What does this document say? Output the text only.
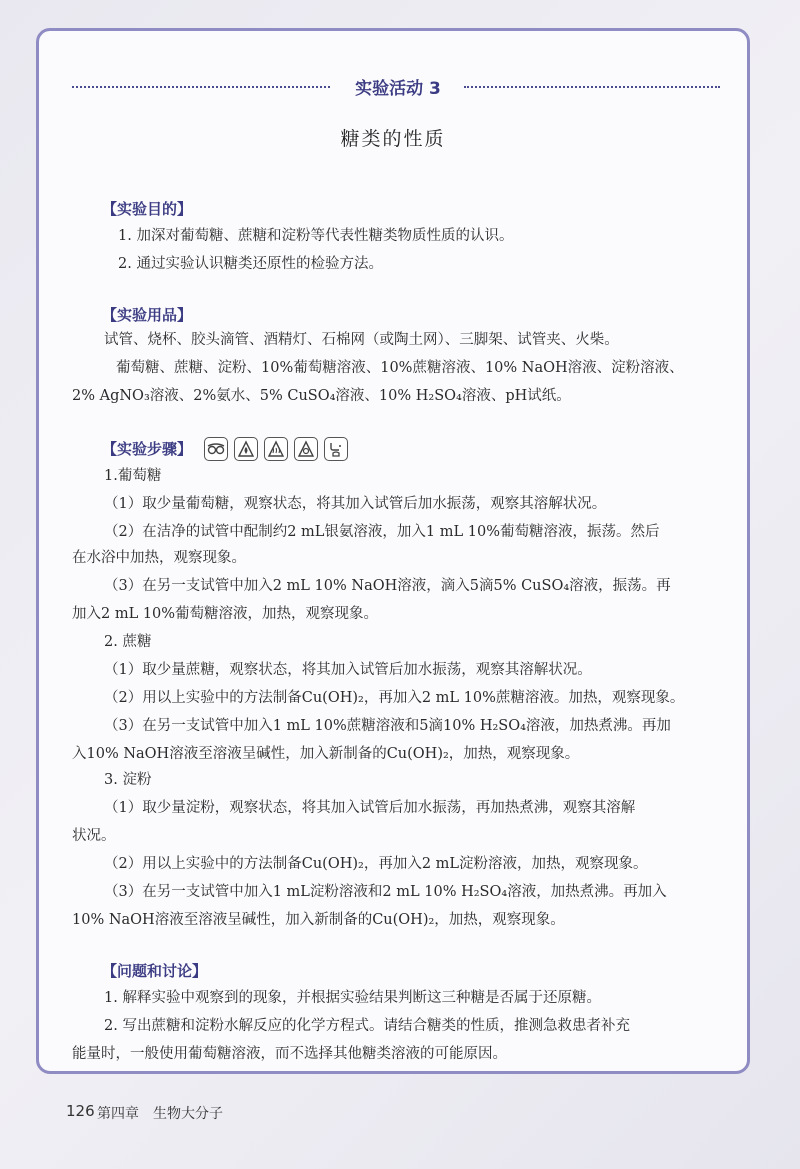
实验活动 3
糖类的性质
【实验目的】
1. 加深对葡萄糖、蔗糖和淀粉等代表性糖类物质性质的认识。
2. 通过实验认识糖类还原性的检验方法。
【实验用品】
试管、烧杯、胶头滴管、酒精灯、石棉网（或陶土网）、三脚架、试管夹、火柴。
葡萄糖、蔗糖、淀粉、10%葡萄糖溶液、10%蔗糖溶液、10% NaOH溶液、淀粉溶液、
2% AgNO₃溶液、2%氨水、5% CuSO₄溶液、10% H₂SO₄溶液、pH试纸。
【实验步骤】
1.葡萄糖
（1）取少量葡萄糖，观察状态，将其加入试管后加水振荡，观察其溶解状况。
（2）在洁净的试管中配制约2 mL银氨溶液，加入1 mL 10%葡萄糖溶液，振荡。然后
在水浴中加热，观察现象。
（3）在另一支试管中加入2 mL 10% NaOH溶液，滴入5滴5% CuSO₄溶液，振荡。再
加入2 mL 10%葡萄糖溶液，加热，观察现象。
2. 蔗糖
（1）取少量蔗糖，观察状态，将其加入试管后加水振荡，观察其溶解状况。
（2）用以上实验中的方法制备Cu(OH)₂，再加入2 mL 10%蔗糖溶液。加热，观察现象。
（3）在另一支试管中加入1 mL 10%蔗糖溶液和5滴10% H₂SO₄溶液，加热煮沸。再加
入10% NaOH溶液至溶液呈碱性，加入新制备的Cu(OH)₂，加热，观察现象。
3. 淀粉
（1）取少量淀粉，观察状态，将其加入试管后加水振荡，再加热煮沸，观察其溶解
状况。
（2）用以上实验中的方法制备Cu(OH)₂，再加入2 mL淀粉溶液，加热，观察现象。
（3）在另一支试管中加入1 mL淀粉溶液和2 mL 10% H₂SO₄溶液，加热煮沸。再加入
10% NaOH溶液至溶液呈碱性，加入新制备的Cu(OH)₂，加热，观察现象。
【问题和讨论】
1. 解释实验中观察到的现象，并根据实验结果判断这三种糖是否属于还原糖。
2. 写出蔗糖和淀粉水解反应的化学方程式。请结合糖类的性质，推测急救患者补充
能量时，一般使用葡萄糖溶液，而不选择其他糖类溶液的可能原因。
126 第四章　生物大分子
